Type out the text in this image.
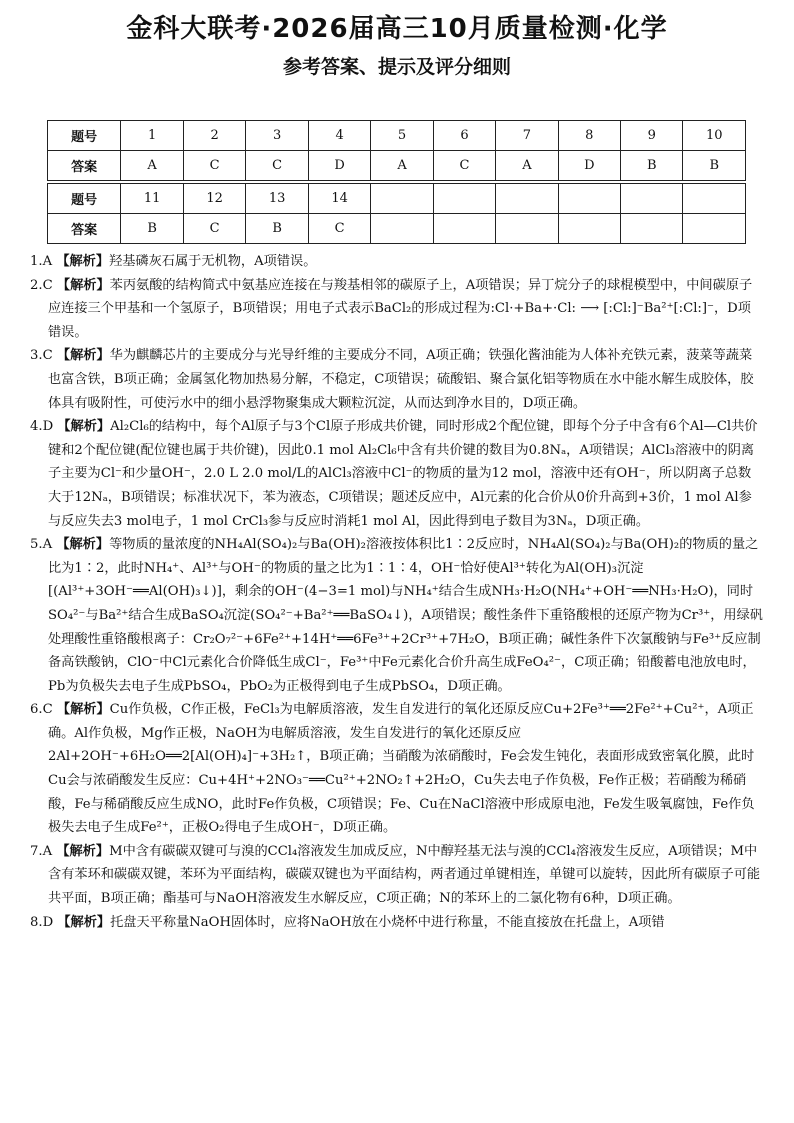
金科大联考·2026届高三10月质量检测·化学
参考答案、提示及评分细则
题号	1	2	3	4	5	6	7	8	9	10
答案	A	C	C	D	A	C	A	D	B	B

题号	11	12	13	14						
答案	B	C	B	C						

1.A 【解析】羟基磷灰石属于无机物，A项错误。

2.C 【解析】苯丙氨酸的结构简式中氨基应连接在与羧基相邻的碳原子上，A项错误；异丁烷分子的球棍模型中，中间碳原子应连接三个甲基和一个氢原子，B项错误；用电子式表示BaCl₂的形成过程为:Cl·+Ba+·Cl: ⟶ [:Cl:]⁻Ba²⁺[:Cl:]⁻，D项错误。

3.C 【解析】华为麒麟芯片的主要成分与光导纤维的主要成分不同，A项正确；铁强化酱油能为人体补充铁元素，菠菜等蔬菜也富含铁，B项正确；金属氢化物加热易分解，不稳定，C项错误；硫酸铝、聚合氯化铝等物质在水中能水解生成胶体，胶体具有吸附性，可使污水中的细小悬浮物聚集成大颗粒沉淀，从而达到净水目的，D项正确。

4.D 【解析】Al₂Cl₆的结构中，每个Al原子与3个Cl原子形成共价键，同时形成2个配位键，即每个分子中含有6个Al—Cl共价键和2个配位键(配位键也属于共价键)，因此0.1 mol Al₂Cl₆中含有共价键的数目为0.8Nₐ，A项错误；AlCl₃溶液中的阴离子主要为Cl⁻和少量OH⁻，2.0 L 2.0 mol/L的AlCl₃溶液中Cl⁻的物质的量为12 mol，溶液中还有OH⁻，所以阴离子总数大于12Nₐ，B项错误；标准状况下，苯为液态，C项错误；题述反应中，Al元素的化合价从0价升高到+3价，1 mol Al参与反应失去3 mol电子，1 mol CrCl₃参与反应时消耗1 mol Al，因此得到电子数目为3Nₐ，D项正确。

5.A 【解析】等物质的量浓度的NH₄Al(SO₄)₂与Ba(OH)₂溶液按体积比1∶2反应时，NH₄Al(SO₄)₂与Ba(OH)₂的物质的量之比为1∶2，此时NH₄⁺、Al³⁺与OH⁻的物质的量之比为1∶1∶4，OH⁻恰好使Al³⁺转化为Al(OH)₃沉淀[(Al³⁺+3OH⁻══Al(OH)₃↓)]，剩余的OH⁻(4−3=1 mol)与NH₄⁺结合生成NH₃·H₂O(NH₄⁺+OH⁻══NH₃·H₂O)，同时SO₄²⁻与Ba²⁺结合生成BaSO₄沉淀(SO₄²⁻+Ba²⁺══BaSO₄↓)，A项错误；酸性条件下重铬酸根的还原产物为Cr³⁺，用绿矾处理酸性重铬酸根离子：Cr₂O₇²⁻+6Fe²⁺+14H⁺══6Fe³⁺+2Cr³⁺+7H₂O，B项正确；碱性条件下次氯酸钠与Fe³⁺反应制备高铁酸钠，ClO⁻中Cl元素化合价降低生成Cl⁻，Fe³⁺中Fe元素化合价升高生成FeO₄²⁻，C项正确；铅酸蓄电池放电时，Pb为负极失去电子生成PbSO₄，PbO₂为正极得到电子生成PbSO₄，D项正确。

6.C 【解析】Cu作负极，C作正极，FeCl₃为电解质溶液，发生自发进行的氧化还原反应Cu+2Fe³⁺══2Fe²⁺+Cu²⁺，A项正确。Al作负极，Mg作正极，NaOH为电解质溶液，发生自发进行的氧化还原反应2Al+2OH⁻+6H₂O══2[Al(OH)₄]⁻+3H₂↑，B项正确；当硝酸为浓硝酸时，Fe会发生钝化，表面形成致密氧化膜，此时Cu会与浓硝酸发生反应：Cu+4H⁺+2NO₃⁻══Cu²⁺+2NO₂↑+2H₂O，Cu失去电子作负极，Fe作正极；若硝酸为稀硝酸，Fe与稀硝酸反应生成NO，此时Fe作负极，C项错误；Fe、Cu在NaCl溶液中形成原电池，Fe发生吸氧腐蚀，Fe作负极失去电子生成Fe²⁺，正极O₂得电子生成OH⁻，D项正确。

7.A 【解析】M中含有碳碳双键可与溴的CCl₄溶液发生加成反应，N中醇羟基无法与溴的CCl₄溶液发生反应，A项错误；M中含有苯环和碳碳双键，苯环为平面结构，碳碳双键也为平面结构，两者通过单键相连，单键可以旋转，因此所有碳原子可能共平面，B项正确；酯基可与NaOH溶液发生水解反应，C项正确；N的苯环上的二氯化物有6种，D项正确。

8.D 【解析】托盘天平称量NaOH固体时，应将NaOH放在小烧杯中进行称量，不能直接放在托盘上，A项错
